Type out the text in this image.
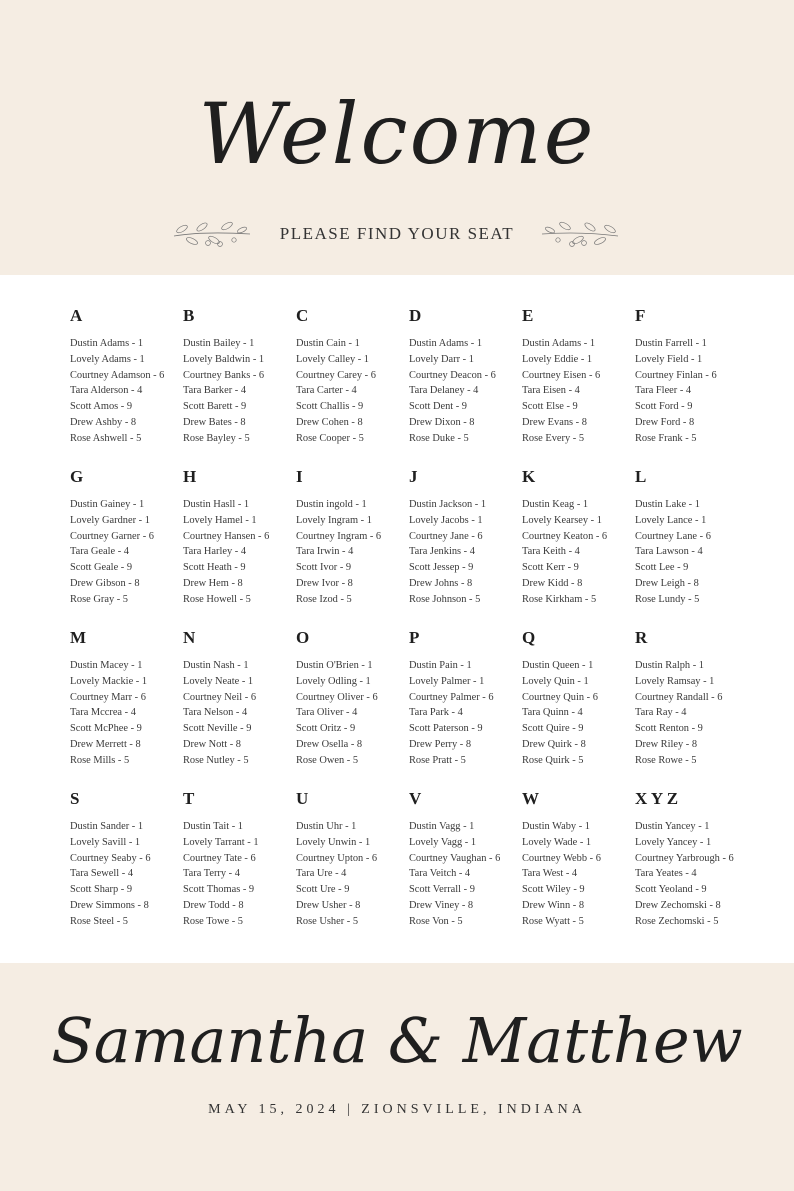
Welcome
PLEASE FIND YOUR SEAT
A
Dustin Adams - 1
Lovely Adams - 1
Courtney Adamson - 6
Tara Alderson - 4
Scott Amos - 9
Drew Ashby - 8
Rose Ashwell - 5
B
Dustin Bailey - 1
Lovely Baldwin - 1
Courtney Banks - 6
Tara Barker - 4
Scott Barett - 9
Drew Bates - 8
Rose Bayley - 5
C
Dustin Cain - 1
Lovely Calley - 1
Courtney Carey - 6
Tara Carter - 4
Scott Challis - 9
Drew Cohen - 8
Rose Cooper - 5
D
Dustin Adams - 1
Lovely Darr - 1
Courtney Deacon - 6
Tara Delaney - 4
Scott Dent - 9
Drew Dixon - 8
Rose Duke - 5
E
Dustin Adams - 1
Lovely Eddie - 1
Courtney Eisen - 6
Tara Eisen - 4
Scott Else - 9
Drew Evans - 8
Rose Every - 5
F
Dustin Farrell - 1
Lovely Field - 1
Courtney Finlan - 6
Tara Fleer - 4
Scott Ford - 9
Drew Ford - 8
Rose Frank - 5
G
Dustin Gainey - 1
Lovely Gardner - 1
Courtney Garner - 6
Tara Geale - 4
Scott Geale - 9
Drew Gibson - 8
Rose Gray - 5
H
Dustin Hasll - 1
Lovely Hamel - 1
Courtney Hansen - 6
Tara Harley - 4
Scott Heath - 9
Drew Hem - 8
Rose Howell - 5
I
Dustin ingold - 1
Lovely Ingram - 1
Courtney Ingram - 6
Tara Irwin - 4
Scott Ivor - 9
Drew Ivor - 8
Rose Izod - 5
J
Dustin Jackson - 1
Lovely Jacobs - 1
Courtney Jane - 6
Tara Jenkins - 4
Scott Jessep - 9
Drew Johns - 8
Rose Johnson - 5
K
Dustin Keag - 1
Lovely Kearsey - 1
Courtney Keaton - 6
Tara Keith - 4
Scott Kerr - 9
Drew Kidd - 8
Rose Kirkham - 5
L
Dustin Lake - 1
Lovely Lance - 1
Courtney Lane - 6
Tara Lawson - 4
Scott Lee - 9
Drew Leigh - 8
Rose Lundy - 5
M
Dustin Macey - 1
Lovely Mackie - 1
Courtney Marr - 6
Tara Mccrea - 4
Scott McPhee - 9
Drew Merrett - 8
Rose Mills - 5
N
Dustin Nash - 1
Lovely Neate - 1
Courtney Neil - 6
Tara Nelson - 4
Scott Neville - 9
Drew Nott - 8
Rose Nutley - 5
O
Dustin O'Brien - 1
Lovely Odling - 1
Courtney Oliver - 6
Tara Oliver - 4
Scott Oritz - 9
Drew Osella - 8
Rose Owen - 5
P
Dustin Pain - 1
Lovely Palmer - 1
Courtney Palmer - 6
Tara Park - 4
Scott Paterson - 9
Drew Perry - 8
Rose Pratt - 5
Q
Dustin Queen - 1
Lovely Quin - 1
Courtney Quin - 6
Tara Quinn - 4
Scott Quire - 9
Drew Quirk - 8
Rose Quirk - 5
R
Dustin Ralph - 1
Lovely Ramsay - 1
Courtney Randall - 6
Tara Ray - 4
Scott Renton - 9
Drew Riley - 8
Rose Rowe - 5
S
Dustin Sander - 1
Lovely Savill - 1
Courtney Seaby - 6
Tara Sewell - 4
Scott Sharp - 9
Drew Simmons - 8
Rose Steel - 5
T
Dustin Tait - 1
Lovely Tarrant - 1
Courtney Tate - 6
Tara Terry - 4
Scott Thomas - 9
Drew Todd - 8
Rose Towe - 5
U
Dustin Uhr - 1
Lovely Unwin - 1
Courtney Upton - 6
Tara Ure - 4
Scott Ure - 9
Drew Usher - 8
Rose Usher - 5
V
Dustin Vagg - 1
Lovely Vagg - 1
Courtney Vaughan - 6
Tara Veitch - 4
Scott Verrall - 9
Drew Viney - 8
Rose Von - 5
W
Dustin Waby - 1
Lovely Wade - 1
Courtney Webb - 6
Tara West - 4
Scott Wiley - 9
Drew Winn - 8
Rose Wyatt - 5
X Y Z
Dustin Yancey - 1
Lovely Yancey - 1
Courtney Yarbrough - 6
Tara Yeates - 4
Scott Yeoland - 9
Drew Zechomski - 8
Rose Zechomski - 5
Samantha & Matthew
MAY 15, 2024 | ZIONSVILLE, INDIANA
